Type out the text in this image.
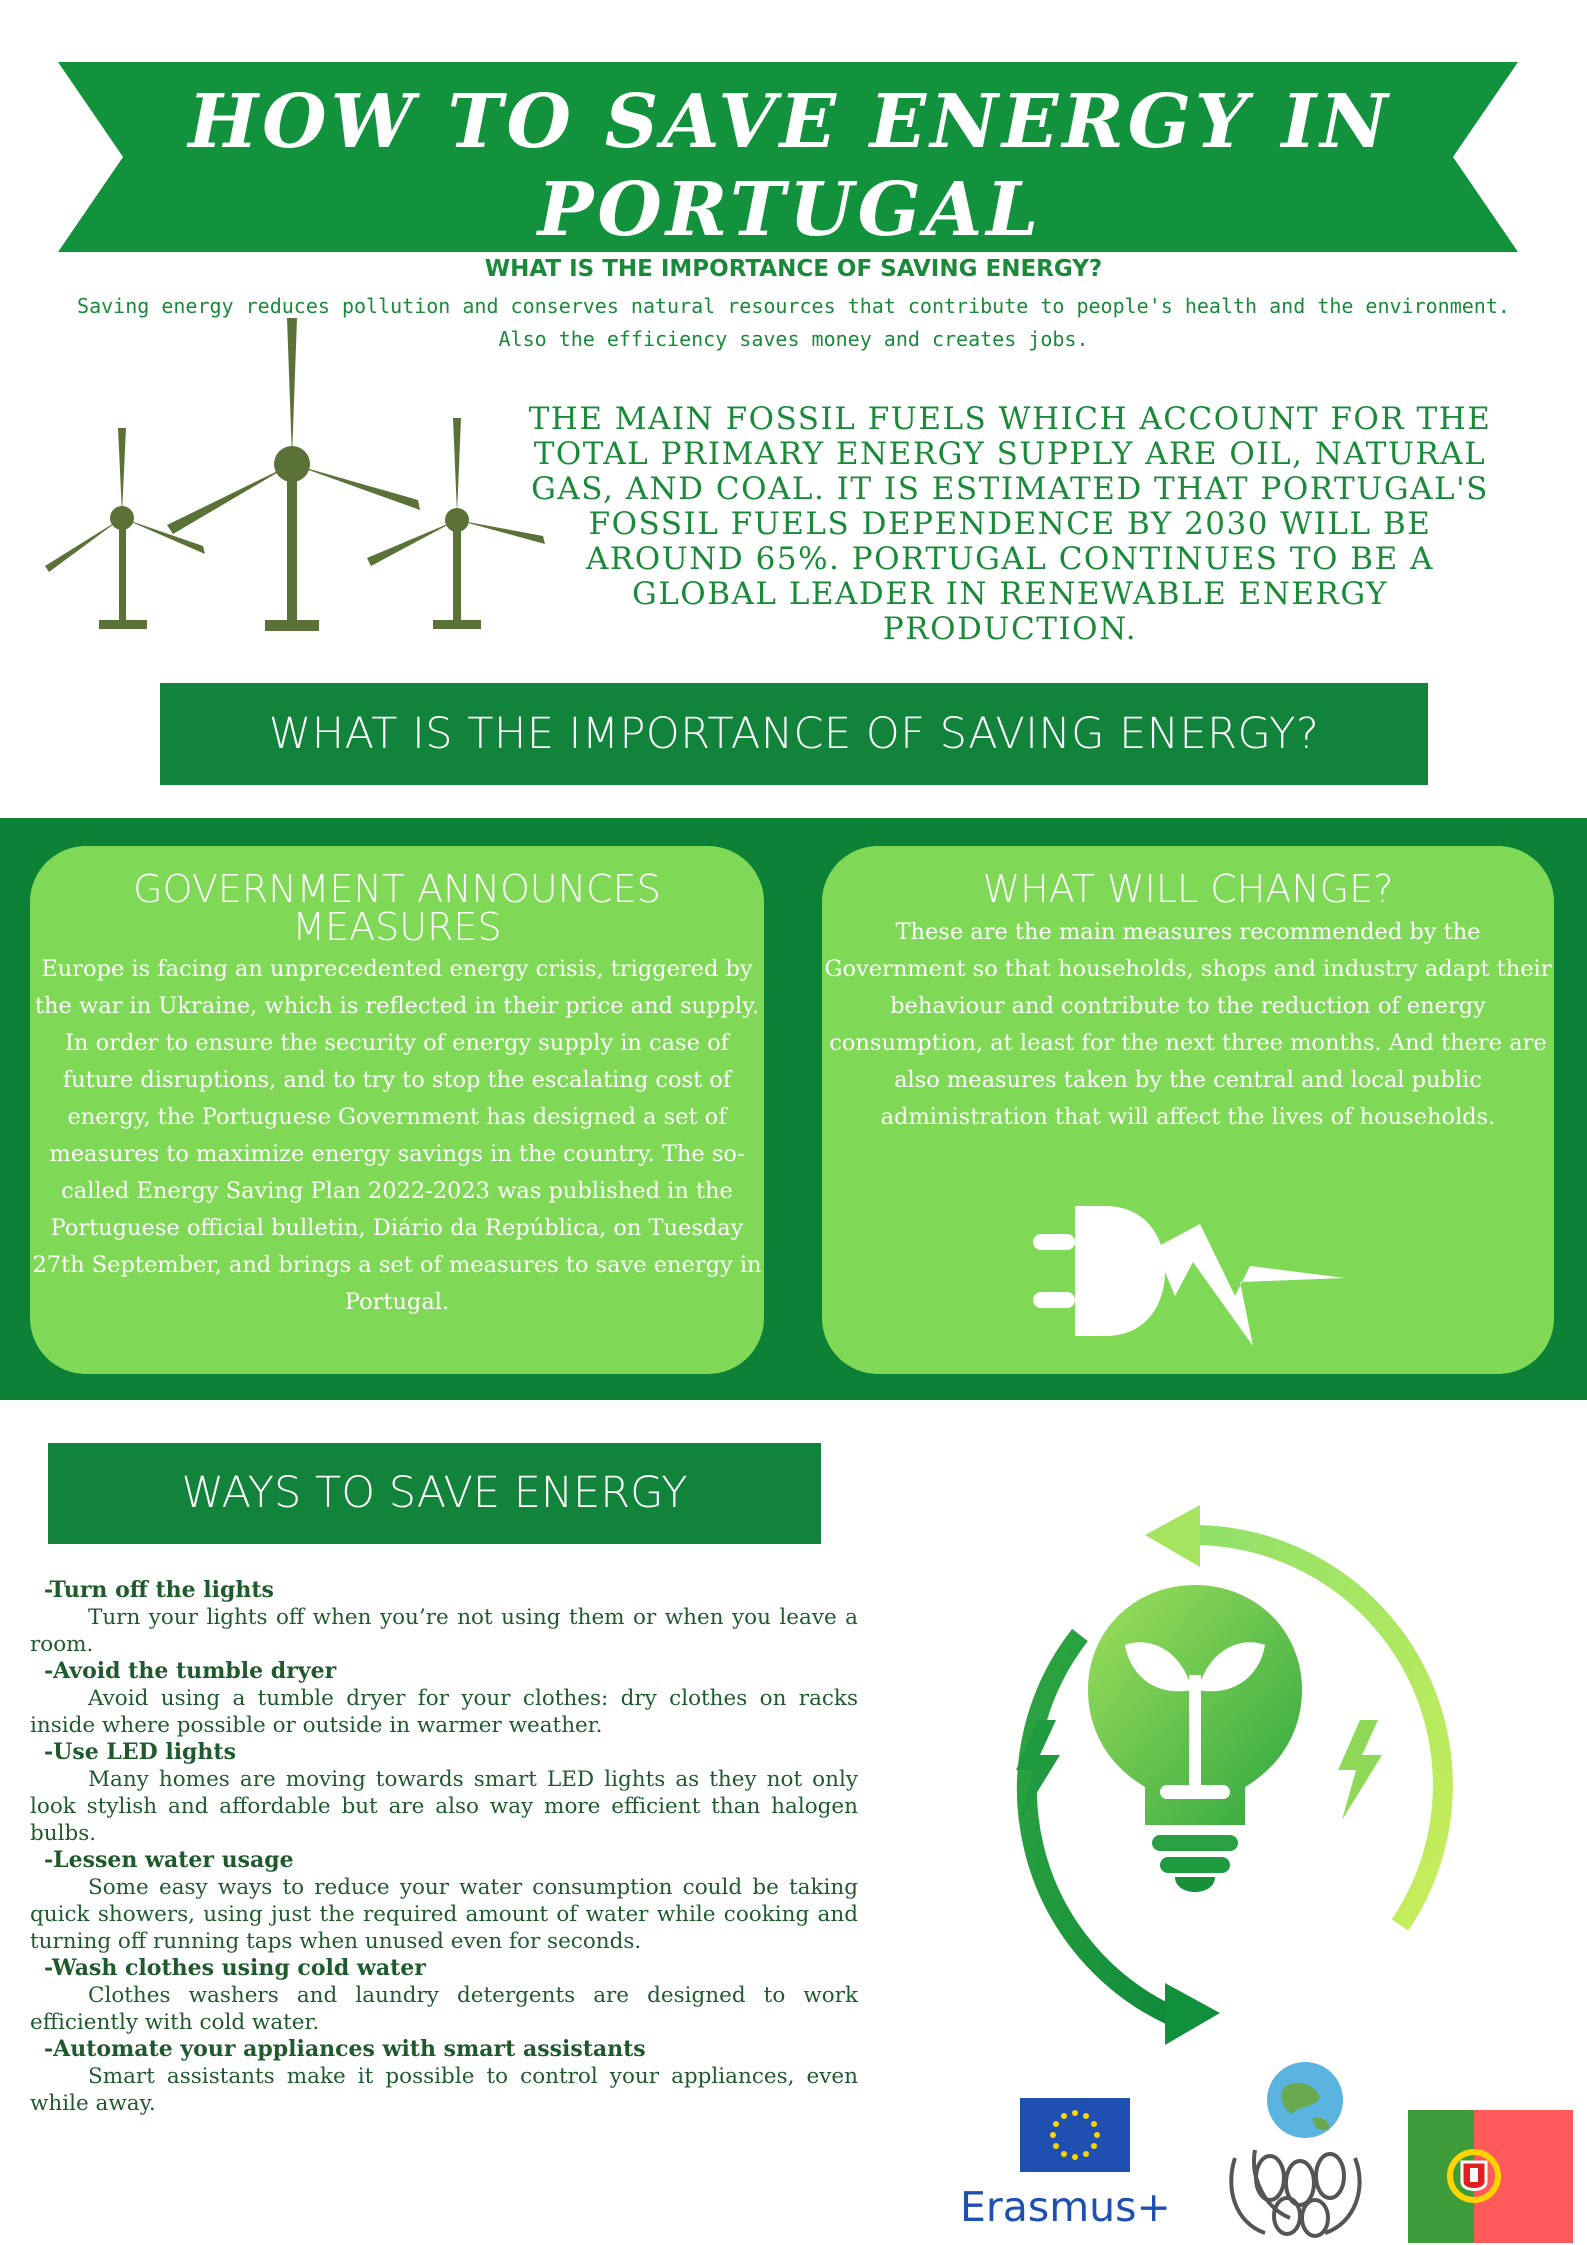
HOW TO SAVE ENERGY IN
PORTUGAL
WHAT IS THE IMPORTANCE OF SAVING ENERGY?
Saving energy reduces pollution and conserves natural resources that contribute to people's health and the environment.
Also the efficiency saves money and creates jobs.
THE MAIN FOSSIL FUELS WHICH ACCOUNT FOR THE TOTAL PRIMARY ENERGY SUPPLY ARE OIL, NATURAL GAS, AND COAL. IT IS ESTIMATED THAT PORTUGAL'S FOSSIL FUELS DEPENDENCE BY 2030 WILL BE AROUND 65%. PORTUGAL CONTINUES TO BE A GLOBAL LEADER IN RENEWABLE ENERGY PRODUCTION.
WHAT IS THE IMPORTANCE OF SAVING ENERGY?
GOVERNMENT ANNOUNCES MEASURES
Europe is facing an unprecedented energy crisis, triggered by the war in Ukraine, which is reflected in their price and supply. In order to ensure the security of energy supply in case of future disruptions, and to try to stop the escalating cost of energy, the Portuguese Government has designed a set of measures to maximize energy savings in the country. The so-called Energy Saving Plan 2022-2023 was published in the Portuguese official bulletin, Diário da República, on Tuesday 27th September, and brings a set of measures to save energy in Portugal.
WHAT WILL CHANGE?
These are the main measures recommended by the Government so that households, shops and industry adapt their behaviour and contribute to the reduction of energy consumption, at least for the next three months. And there are also measures taken by the central and local public administration that will affect the lives of households.
WAYS TO SAVE ENERGY
-Turn off the lights
Turn your lights off when you’re not using them or when you leave a room.
-Avoid the tumble dryer
Avoid using a tumble dryer for your clothes: dry clothes on racks inside where possible or outside in warmer weather.
-Use LED lights
Many homes are moving towards smart LED lights as they not only look stylish and affordable but are also way more efficient than halogen bulbs.
-Lessen water usage
Some easy ways to reduce your water consumption could be taking quick showers, using just the required amount of water while cooking and turning off running taps when unused even for seconds.
-Wash clothes using cold water
Clothes washers and laundry detergents are designed to work efficiently with cold water.
-Automate your appliances with smart assistants
Smart assistants make it possible to control your appliances, even while away.
Erasmus+
